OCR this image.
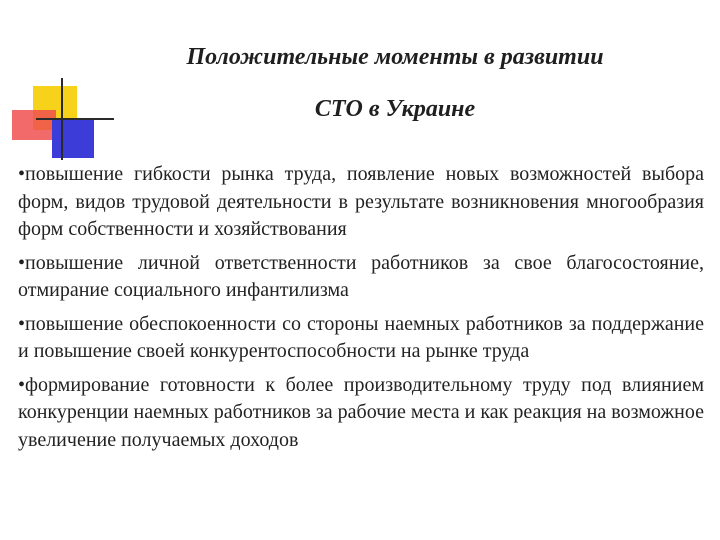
Положительные моменты в развитии
СТО в Украине

•повышение гибкости рынка труда, появление новых возможностей выбора форм, видов трудовой деятельности в результате возникновения многообразия форм собственности и хозяйствования

•повышение личной ответственности работников за свое благосостояние, отмирание социального инфантилизма

•повышение обеспокоенности со стороны наемных работников за поддержание и повышение своей конкурентоспособности на рынке труда

•формирование готовности к более производительному труду под влиянием конкуренции наемных работников за рабочие места и как реакция на возможное увеличение получаемых доходов
